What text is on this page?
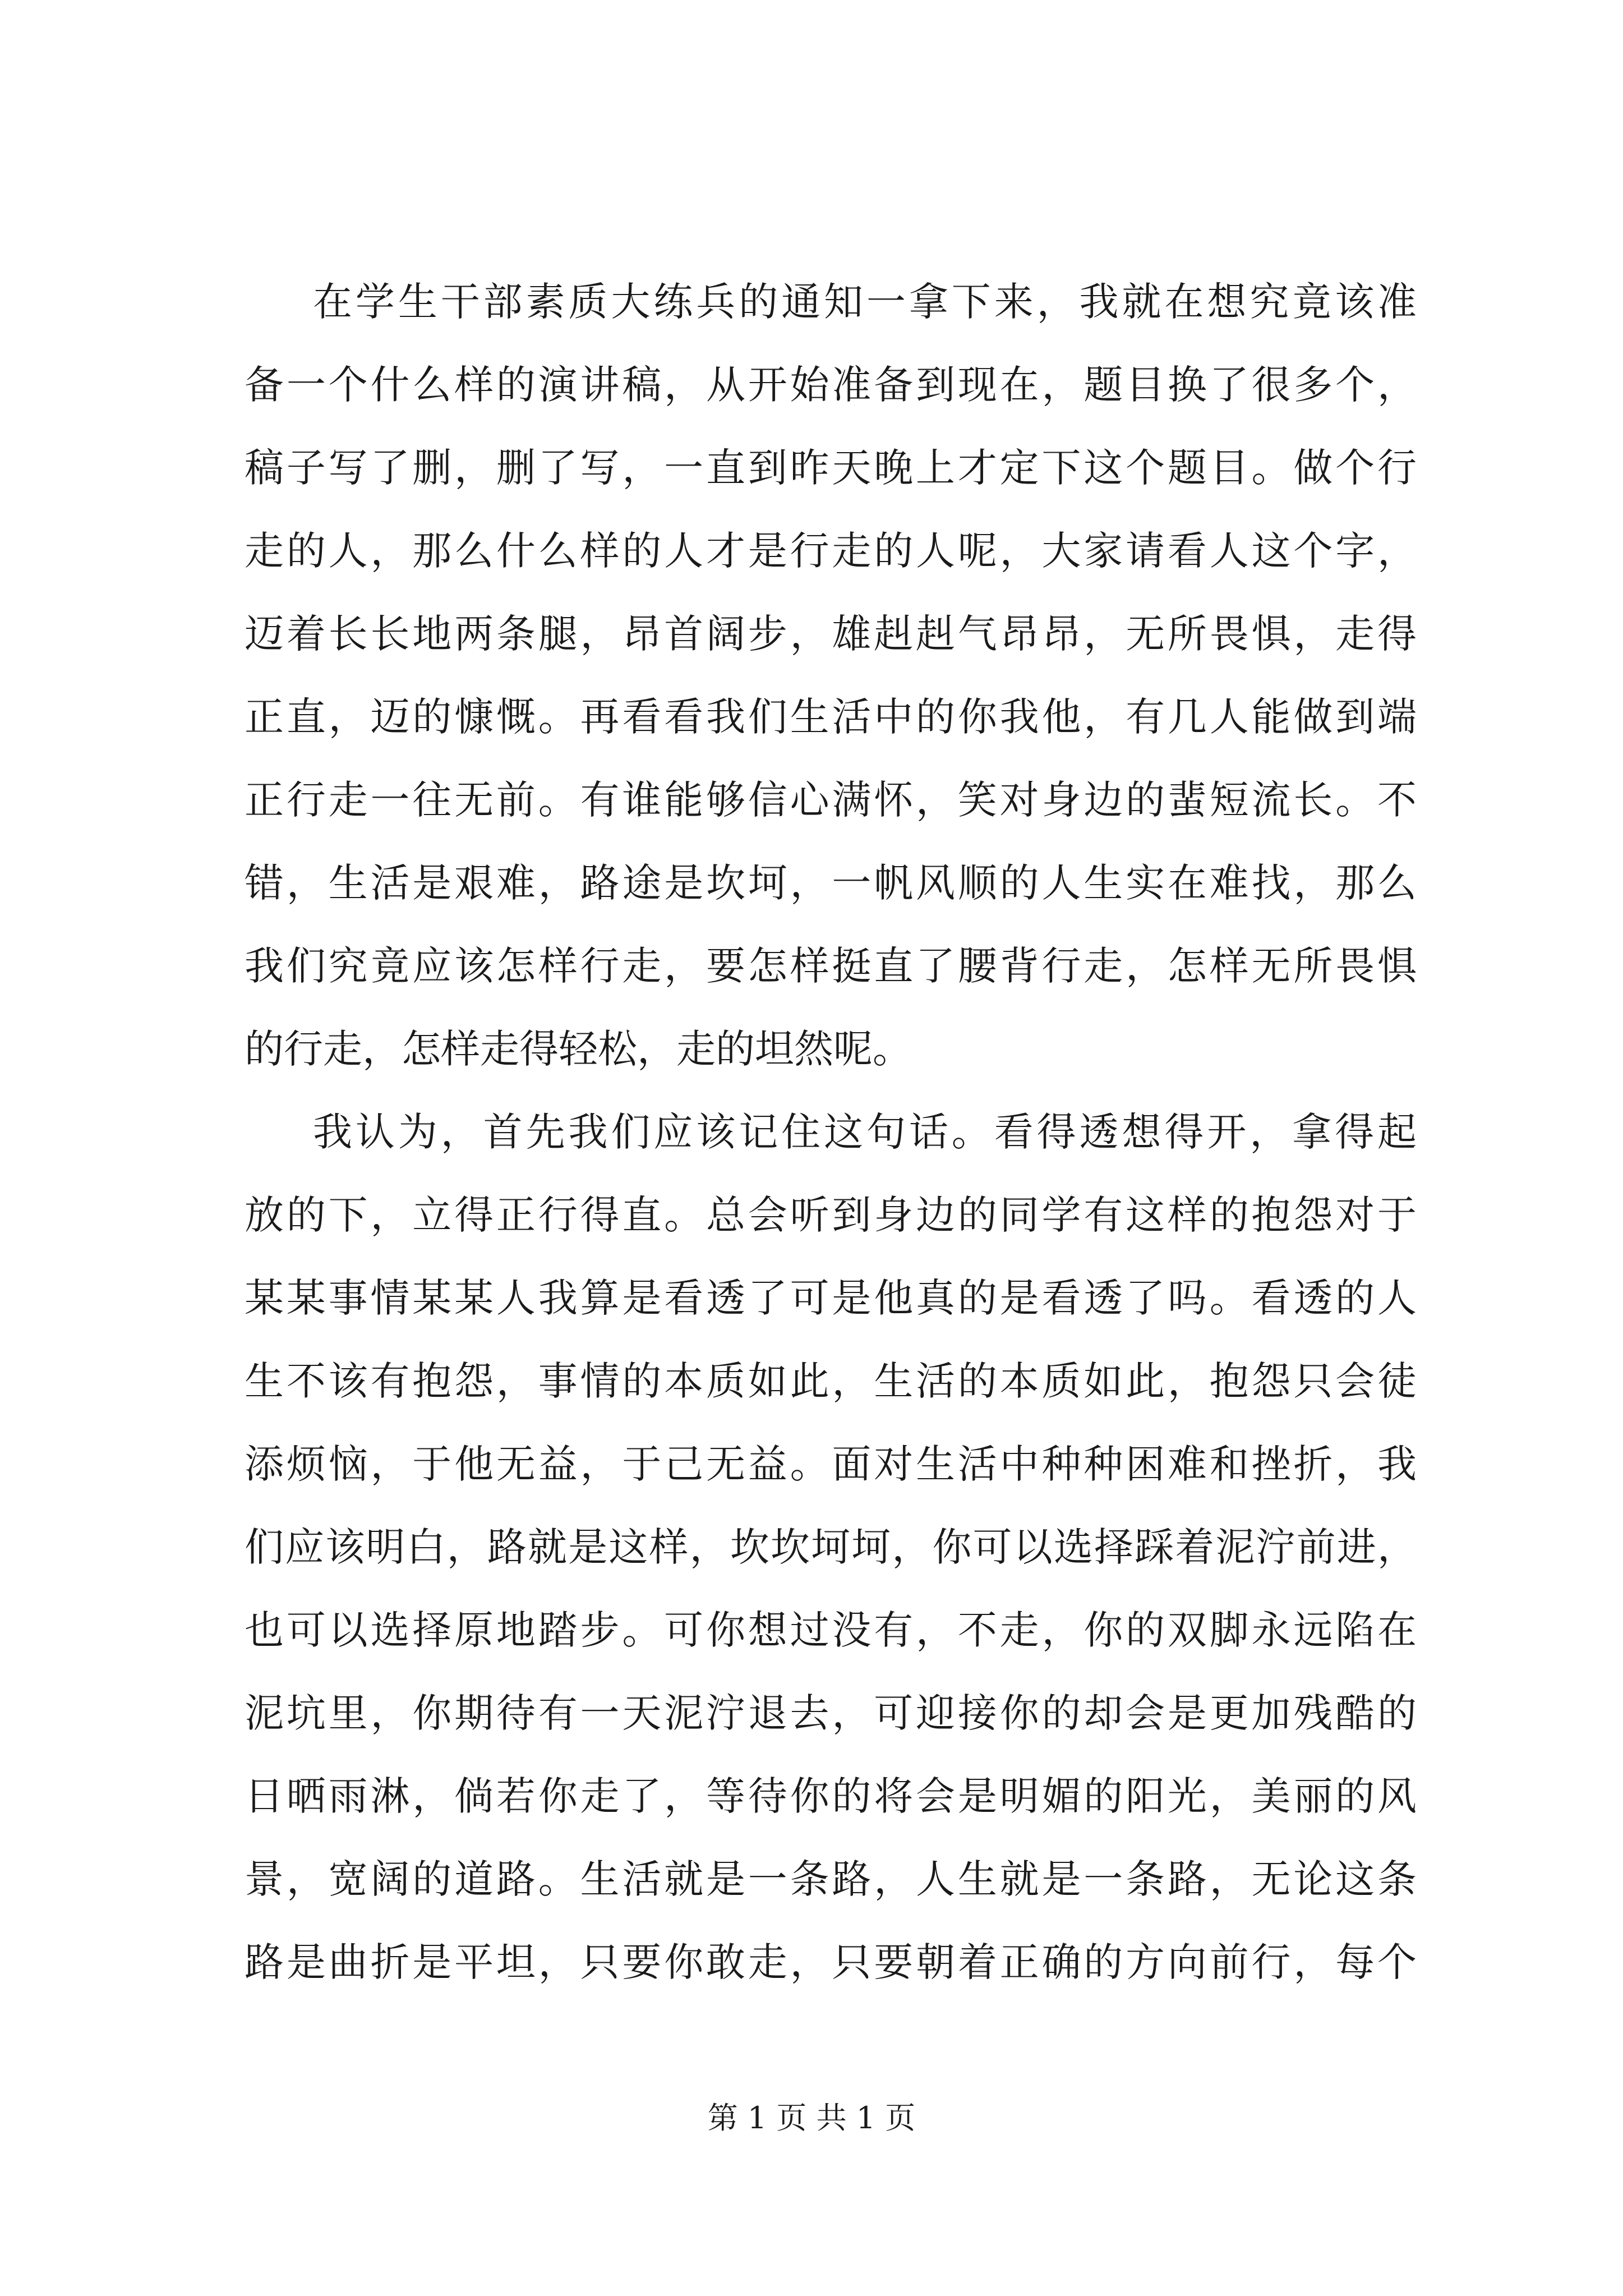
在学生干部素质大练兵的通知一拿下来，我就在想究竟该准
备一个什么样的演讲稿，从开始准备到现在，题目换了很多个，
稿子写了删，删了写，一直到昨天晚上才定下这个题目。做个行
走的人，那么什么样的人才是行走的人呢，大家请看人这个字，
迈着长长地两条腿，昂首阔步，雄赳赳气昂昂，无所畏惧，走得
正直，迈的慷慨。再看看我们生活中的你我他，有几人能做到端
正行走一往无前。有谁能够信心满怀，笑对身边的蜚短流长。不
错，生活是艰难，路途是坎坷，一帆风顺的人生实在难找，那么
我们究竟应该怎样行走，要怎样挺直了腰背行走，怎样无所畏惧
的行走，怎样走得轻松，走的坦然呢。
我认为，首先我们应该记住这句话。看得透想得开，拿得起
放的下，立得正行得直。总会听到身边的同学有这样的抱怨对于
某某事情某某人我算是看透了可是他真的是看透了吗。看透的人
生不该有抱怨，事情的本质如此，生活的本质如此，抱怨只会徒
添烦恼，于他无益，于己无益。面对生活中种种困难和挫折，我
们应该明白，路就是这样，坎坎坷坷，你可以选择踩着泥泞前进，
也可以选择原地踏步。可你想过没有，不走，你的双脚永远陷在
泥坑里，你期待有一天泥泞退去，可迎接你的却会是更加残酷的
日晒雨淋，倘若你走了，等待你的将会是明媚的阳光，美丽的风
景，宽阔的道路。生活就是一条路，人生就是一条路，无论这条
路是曲折是平坦，只要你敢走，只要朝着正确的方向前行，每个
第 1 页 共 1 页
